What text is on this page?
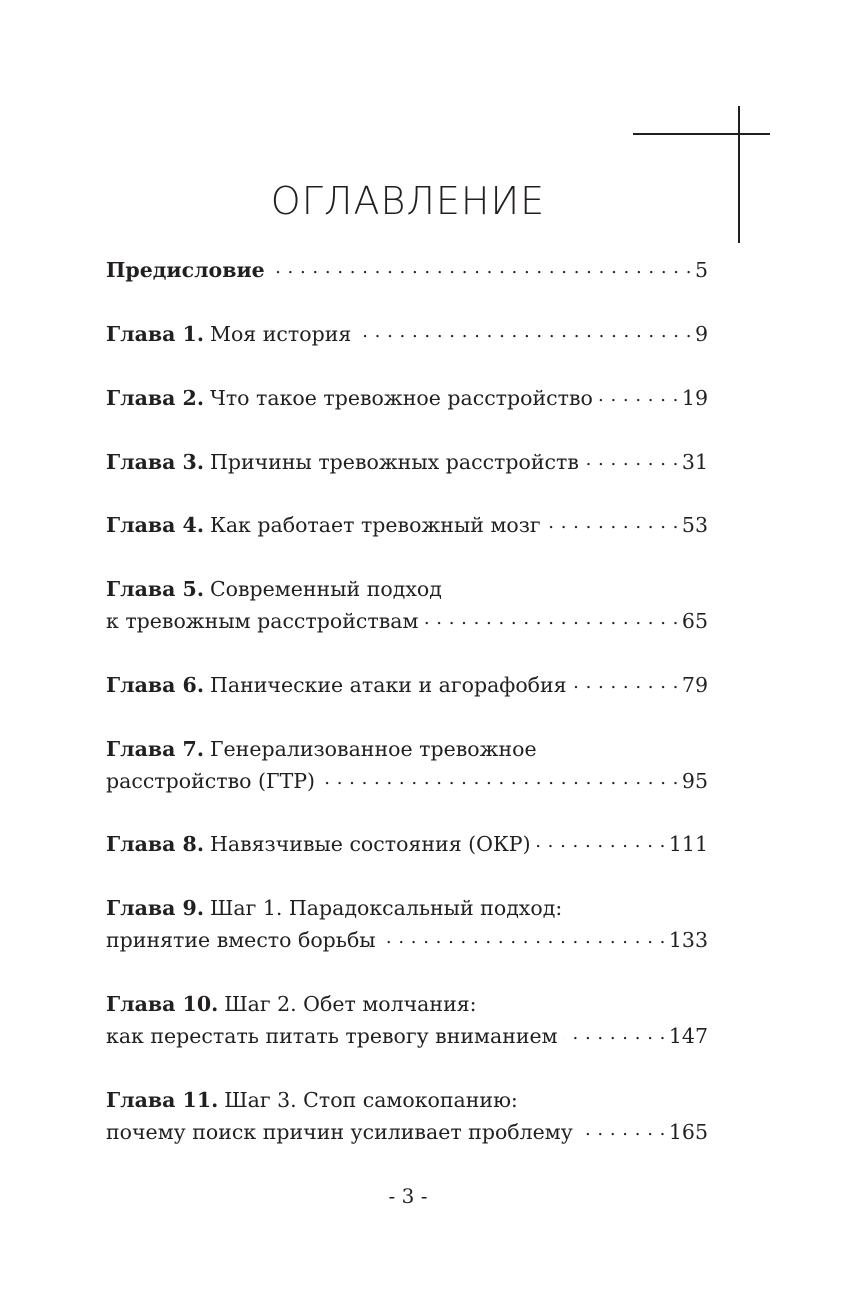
ОГЛАВЛЕНИЕ
Предисловие . . .	5
Глава 1. Моя история . . .	9
Глава 2. Что такое тревожное расстройство . . .	19
Глава 3. Причины тревожных расстройств . . .	31
Глава 4. Как работает тревожный мозг . . .	53
Глава 5. Современный подход
к тревожным расстройствам . . .	65
Глава 6. Панические атаки и агорафобия . . .	79
Глава 7. Генерализованное тревожное
расстройство (ГТР) . . .	95
Глава 8. Навязчивые состояния (ОКР) . . .	111
Глава 9. Шаг 1. Парадоксальный подход:
принятие вместо борьбы . . .	133
Глава 10. Шаг 2. Обет молчания:
как перестать питать тревогу вниманием . . .	147
Глава 11. Шаг 3. Стоп самокопанию:
почему поиск причин усиливает проблему . . .	165
- 3 -
